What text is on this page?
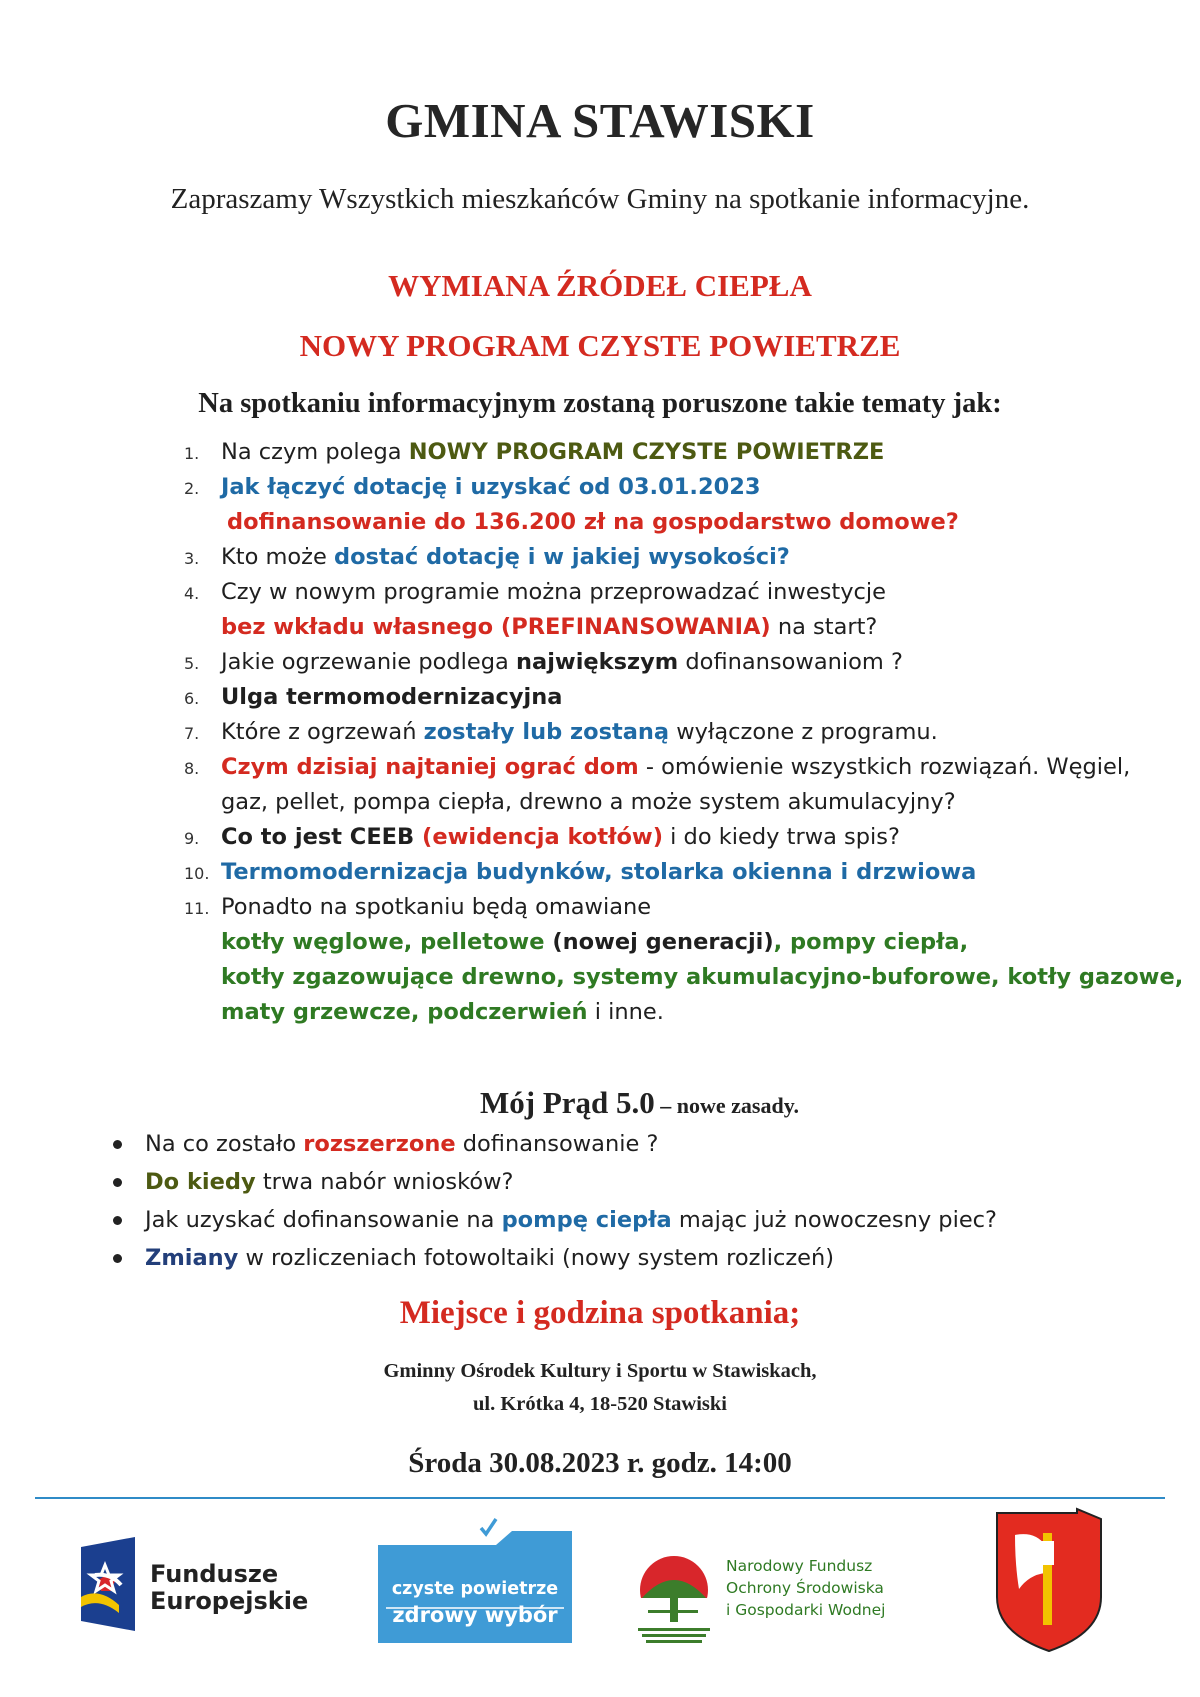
GMINA STAWISKI
Zapraszamy Wszystkich mieszkańców Gminy na spotkanie informacyjne.
WYMIANA ŹRÓDEŁ CIEPŁA
NOWY PROGRAM CZYSTE POWIETRZE
Na spotkaniu informacyjnym zostaną poruszone takie tematy jak:
1. Na czym polega NOWY PROGRAM CZYSTE POWIETRZE
2. Jak łączyć dotację i uzyskać od 03.01.2023
dofinansowanie do 136.200 zł na gospodarstwo domowe?
3. Kto może dostać dotację i w jakiej wysokości?
4. Czy w nowym programie można przeprowadzać inwestycje
bez wkładu własnego (PREFINANSOWANIA) na start?
5. Jakie ogrzewanie podlega największym dofinansowaniom ?
6. Ulga termomodernizacyjna
7. Które z ogrzewań zostały lub zostaną wyłączone z programu.
8. Czym dzisiaj najtaniej ograć dom - omówienie wszystkich rozwiązań. Węgiel,
gaz, pellet, pompa ciepła, drewno a może system akumulacyjny?
9. Co to jest CEEB (ewidencja kotłów) i do kiedy trwa spis?
10. Termomodernizacja budynków, stolarka okienna i drzwiowa
11. Ponadto na spotkaniu będą omawiane
kotły węglowe, pelletowe (nowej generacji), pompy ciepła,
kotły zgazowujące drewno, systemy akumulacyjno-buforowe, kotły gazowe,
maty grzewcze, podczerwień i inne.
Mój Prąd 5.0 – nowe zasady.
Na co zostało rozszerzone dofinansowanie ?
Do kiedy trwa nabór wniosków?
Jak uzyskać dofinansowanie na pompę ciepła mając już nowoczesny piec?
Zmiany w rozliczeniach fotowoltaiki (nowy system rozliczeń)
Miejsce i godzina spotkania;
Gminny Ośrodek Kultury i Sportu w Stawiskach,
ul. Krótka 4, 18-520 Stawiski
Środa 30.08.2023 r. godz. 14:00
Fundusze
Europejskie	czyste powietrze
zdrowy wybór
Narodowy Fundusz
Ochrony Środowiska
i Gospodarki Wodnej
